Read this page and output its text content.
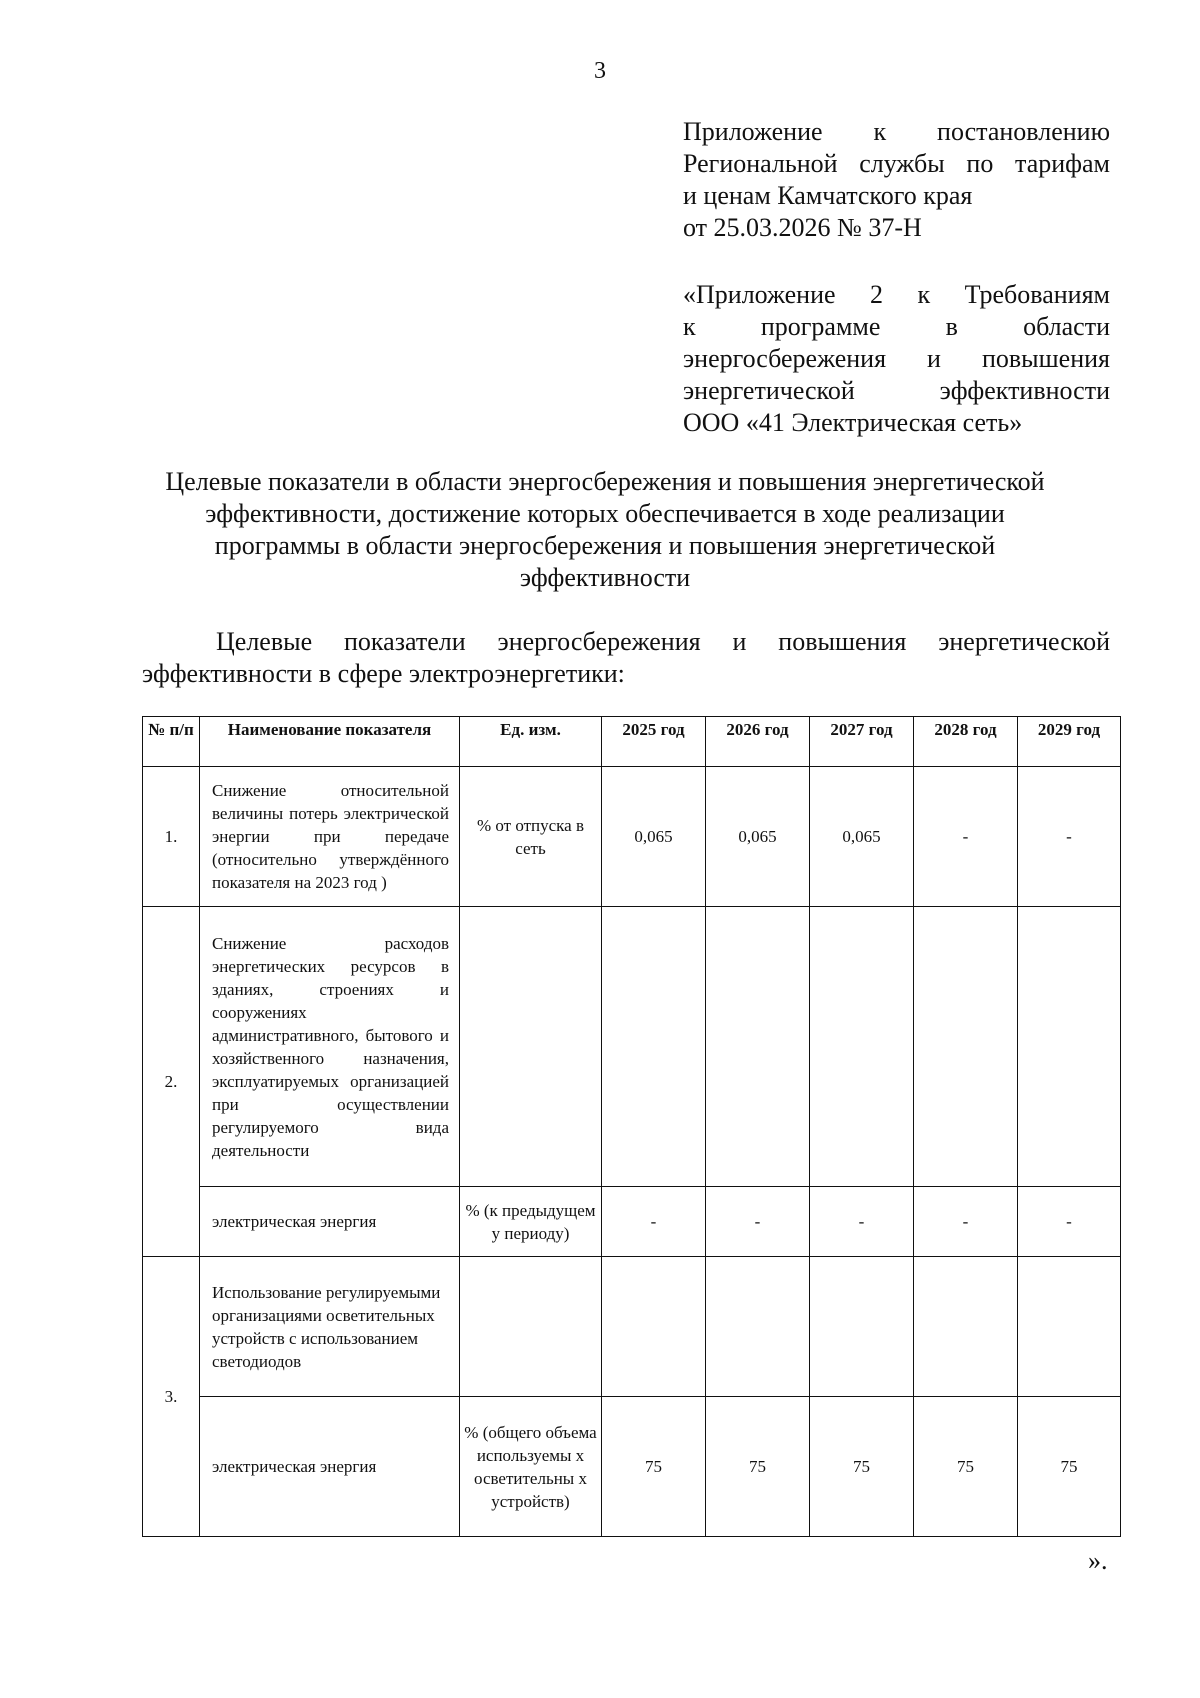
3
Приложение к постановлению
Региональной службы по тарифам
и ценам Камчатского края
от 25.03.2026 № 37-Н
«Приложение 2 к Требованиям
к программе в области
энергосбережения и повышения
энергетической эффективности
ООО «41 Электрическая сеть»
Целевые показатели в области энергосбережения и повышения энергетической
эффективности, достижение которых обеспечивается в ходе реализации
программы в области энергосбережения и повышения энергетической
эффективности
Целевые показатели энергосбережения и повышения энергетической
эффективности в сфере электроэнергетики:
№ п/п	Наименование показателя	Ед. изм.	2025 год	2026 год	2027 год	2028 год	2029 год
1.	Снижение относительной величины потерь электрической энергии при передаче (относительно утверждённого показателя на 2023 год )	% от отпуска в сеть	0,065	0,065	0,065	-	-
2.	Снижение расходов энергетических ресурсов в зданиях, строениях и сооружениях административного, бытового и хозяйственного назначения, эксплуатируемых организацией при осуществлении регулируемого вида деятельности						
	электрическая энергия	% (к предыдущем у периоду)	-	-	-	-	-
3.	Использование регулируемыми организациями осветительных устройств с использованием светодиодов						
	электрическая энергия	% (общего объема используемы х осветительны х устройств)	75	75	75	75	75
».
